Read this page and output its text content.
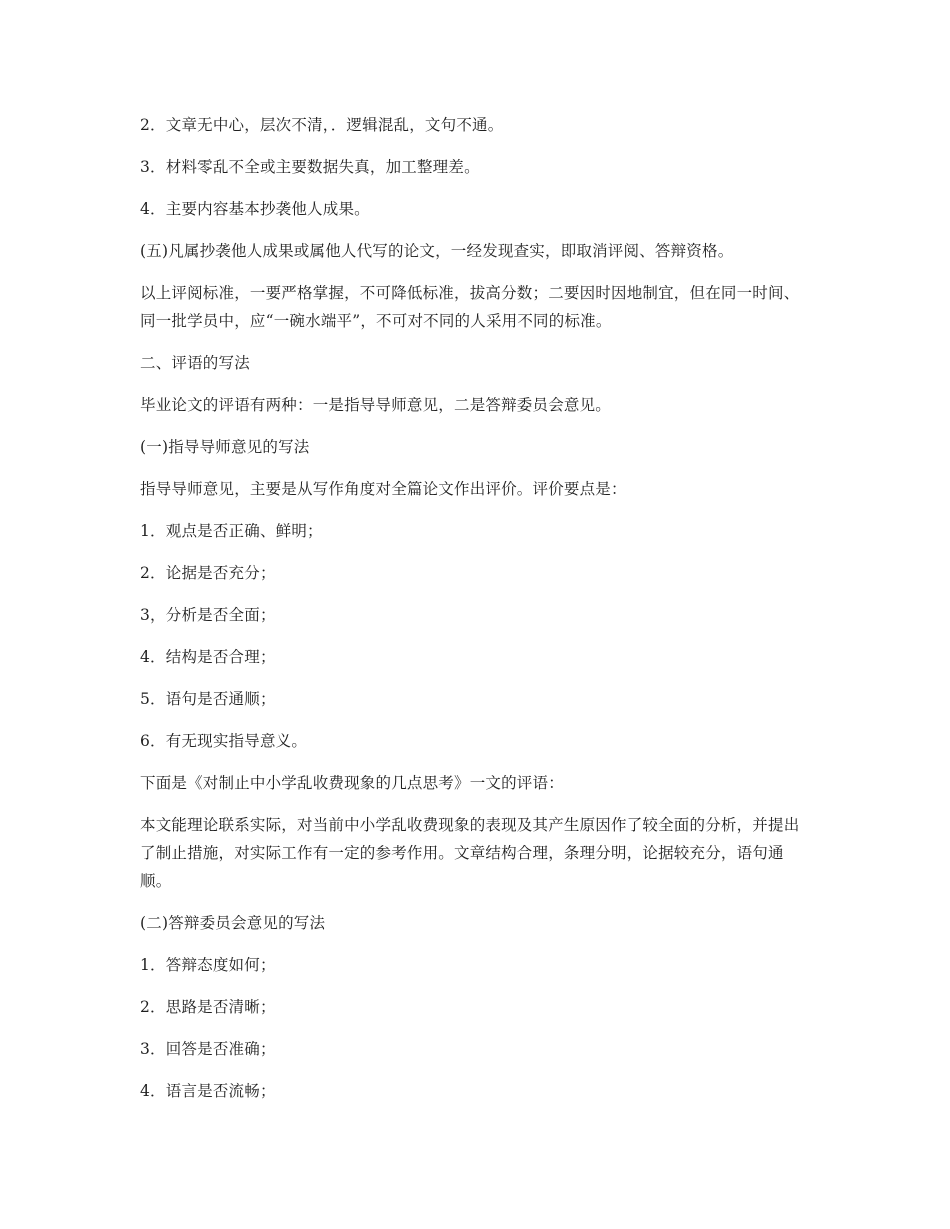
2．文章无中心，层次不清，．逻辑混乱，文句不通。

3．材料零乱不全或主要数据失真，加工整理差。

4．主要内容基本抄袭他人成果。

(五)凡属抄袭他人成果或属他人代写的论文，一经发现查实，即取消评阅、答辩资格。

以上评阅标准，一要严格掌握，不可降低标准，拔高分数；二要因时因地制宜，但在同一时间、同一批学员中，应“一碗水端平”，不可对不同的人采用不同的标准。

二、评语的写法

毕业论文的评语有两种：一是指导导师意见，二是答辩委员会意见。

(一)指导导师意见的写法

指导导师意见，主要是从写作角度对全篇论文作出评价。评价要点是：

1．观点是否正确、鲜明；

2．论据是否充分；

3，分析是否全面；

4．结构是否合理；

5．语句是否通顺；

6．有无现实指导意义。

下面是《对制止中小学乱收费现象的几点思考》一文的评语：

本文能理论联系实际，对当前中小学乱收费现象的表现及其产生原因作了较全面的分析，并提出了制止措施，对实际工作有一定的参考作用。文章结构合理，条理分明，论据较充分，语句通顺。

(二)答辩委员会意见的写法

1．答辩态度如何；

2．思路是否清晰；

3．回答是否准确；

4．语言是否流畅；
